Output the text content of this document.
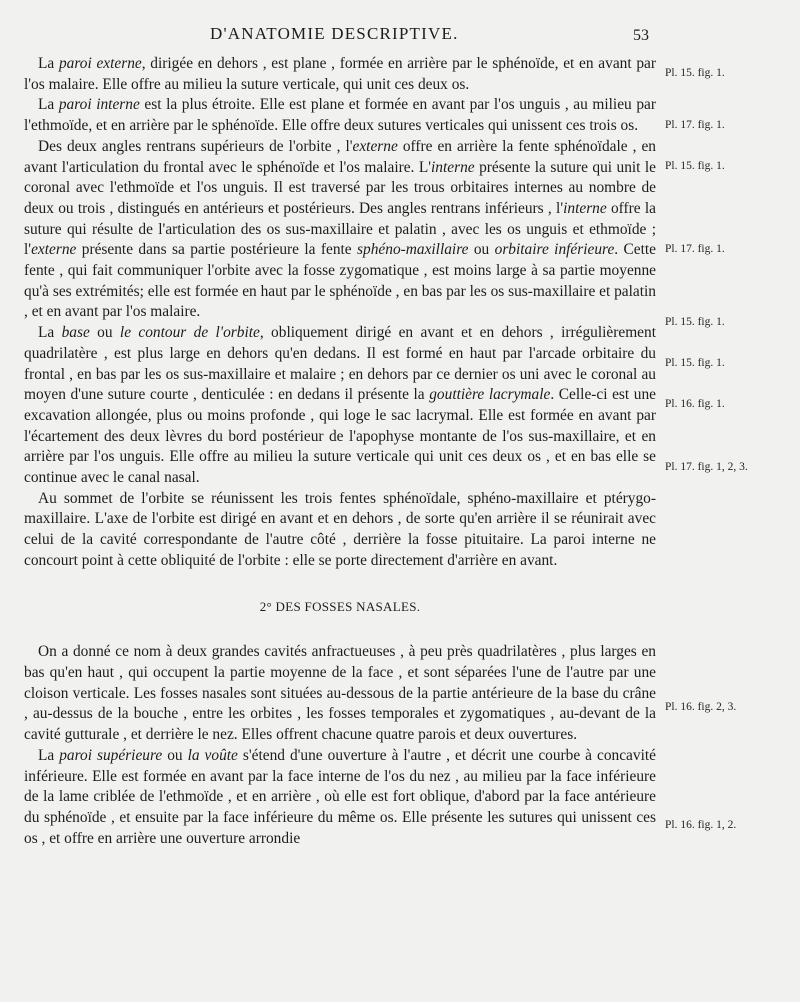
D'ANATOMIE DESCRIPTIVE.	53

La paroi externe, dirigée en dehors , est plane , formée en arrière par le sphénoïde, et en avant par l'os malaire. Elle offre au milieu la suture verticale, qui unit ces deux os.

La paroi interne est la plus étroite. Elle est plane et formée en avant par l'os unguis , au milieu par l'ethmoïde, et en arrière par le sphénoïde. Elle offre deux sutures verticales qui unissent ces trois os.

Des deux angles rentrans supérieurs de l'orbite , l'externe offre en arrière la fente sphénoïdale , en avant l'articulation du frontal avec le sphénoïde et l'os malaire. L'interne présente la suture qui unit le coronal avec l'ethmoïde et l'os unguis. Il est traversé par les trous orbitaires internes au nombre de deux ou trois , distingués en antérieurs et postérieurs. Des angles rentrans inférieurs , l'interne offre la suture qui résulte de l'articulation des os sus-maxillaire et palatin , avec les os unguis et ethmoïde ; l'externe présente dans sa partie postérieure la fente sphéno-maxillaire ou orbitaire inférieure. Cette fente , qui fait communiquer l'orbite avec la fosse zygomatique , est moins large à sa partie moyenne qu'à ses extrémités; elle est formée en haut par le sphénoïde , en bas par les os sus-maxillaire et palatin , et en avant par l'os malaire.

La base ou le contour de l'orbite, obliquement dirigé en avant et en dehors , irrégulièrement quadrilatère , est plus large en dehors qu'en dedans. Il est formé en haut par l'arcade orbitaire du frontal , en bas par les os sus-maxillaire et malaire ; en dehors par ce dernier os uni avec le coronal au moyen d'une suture courte , denticulée : en dedans il présente la gouttière lacrymale. Celle-ci est une excavation allongée, plus ou moins profonde , qui loge le sac lacrymal. Elle est formée en avant par l'écartement des deux lèvres du bord postérieur de l'apophyse montante de l'os sus-maxillaire, et en arrière par l'os unguis. Elle offre au milieu la suture verticale qui unit ces deux os , et en bas elle se continue avec le canal nasal.

Au sommet de l'orbite se réunissent les trois fentes sphénoïdale, sphéno-maxillaire et ptérygo-maxillaire. L'axe de l'orbite est dirigé en avant et en dehors , de sorte qu'en arrière il se réunirait avec celui de la cavité correspondante de l'autre côté , derrière la fosse pituitaire. La paroi interne ne concourt point à cette obliquité de l'orbite : elle se porte directement d'arrière en avant.

2° DES FOSSES NASALES.

On a donné ce nom à deux grandes cavités anfractueuses , à peu près quadrilatères , plus larges en bas qu'en haut , qui occupent la partie moyenne de la face , et sont séparées l'une de l'autre par une cloison verticale. Les fosses nasales sont situées au-dessous de la partie antérieure de la base du crâne , au-dessus de la bouche , entre les orbites , les fosses temporales et zygomatiques , au-devant de la cavité gutturale , et derrière le nez. Elles offrent chacune quatre parois et deux ouvertures.

La paroi supérieure ou la voûte s'étend d'une ouverture à l'autre , et décrit une courbe à concavité inférieure. Elle est formée en avant par la face interne de l'os du nez , au milieu par la face inférieure de la lame criblée de l'ethmoïde , et en arrière , où elle est fort oblique, d'abord par la face antérieure du sphénoïde , et ensuite par la face inférieure du même os. Elle présente les sutures qui unissent ces os , et offre en arrière une ouverture arrondie

Pl. 15. fig. 1.
Pl. 17. fig. 1.
Pl. 15. fig. 1.
Pl. 17. fig. 1.
Pl. 15. fig. 1.
Pl. 15. fig. 1.
Pl. 16. fig. 1.
Pl. 17. fig. 1, 2, 3.
Pl. 16. fig. 2, 3.
Pl. 16. fig. 1, 2.
